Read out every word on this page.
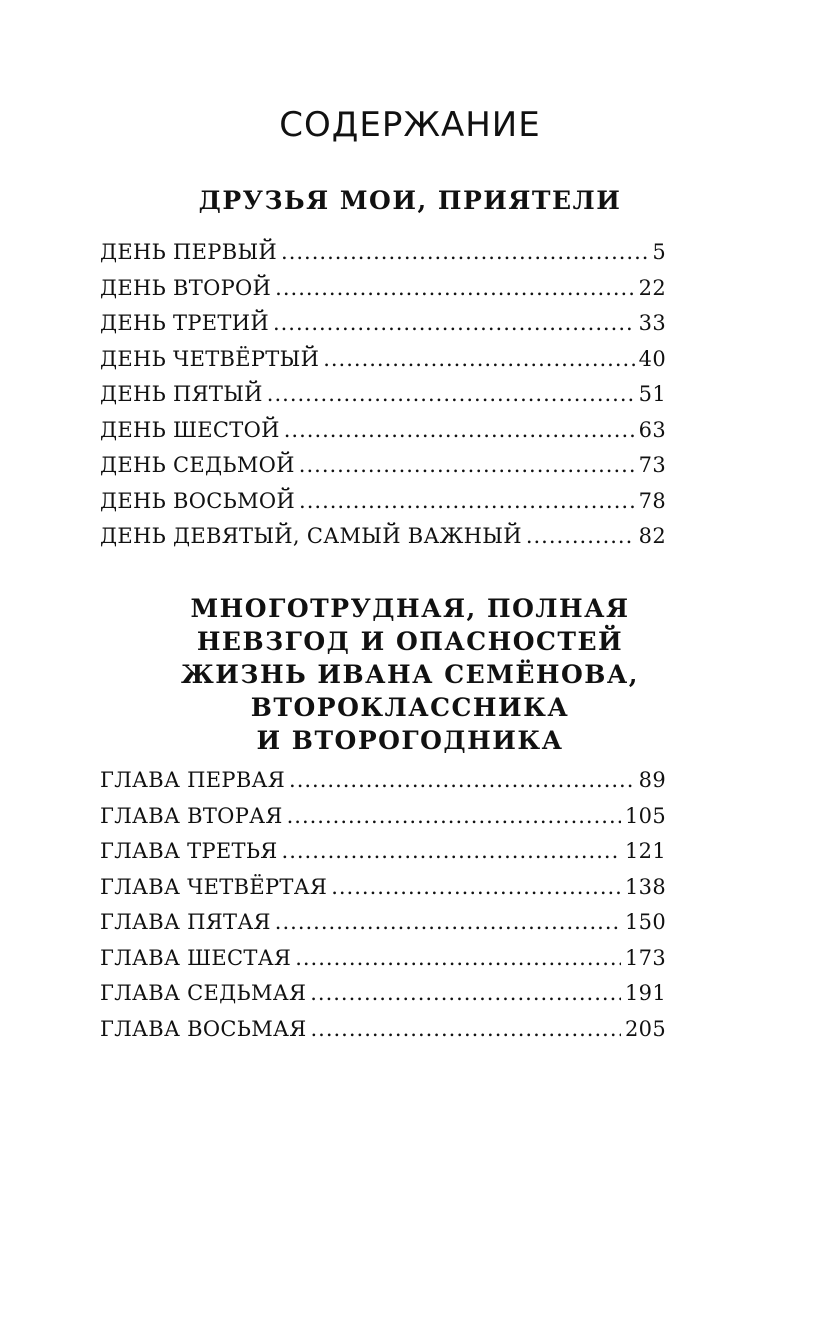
СОДЕРЖАНИЕ
ДРУЗЬЯ МОИ, ПРИЯТЕЛИ
ДЕНЬ ПЕРВЫЙ .....	5
ДЕНЬ ВТОРОЙ .....	22
ДЕНЬ ТРЕТИЙ .....	33
ДЕНЬ ЧЕТВЁРТЫЙ .....	40
ДЕНЬ ПЯТЫЙ .....	51
ДЕНЬ ШЕСТОЙ .....	63
ДЕНЬ СЕДЬМОЙ .....	73
ДЕНЬ ВОСЬМОЙ .....	78
ДЕНЬ ДЕВЯТЫЙ, САМЫЙ ВАЖНЫЙ .....	82
МНОГОТРУДНАЯ, ПОЛНАЯ
НЕВЗГОД И ОПАСНОСТЕЙ
ЖИЗНЬ ИВАНА СЕМЁНОВА,
ВТОРОКЛАССНИКА
И ВТОРОГОДНИКА
ГЛАВА ПЕРВАЯ .....	89
ГЛАВА ВТОРАЯ .....	105
ГЛАВА ТРЕТЬЯ .....	121
ГЛАВА ЧЕТВЁРТАЯ .....	138
ГЛАВА ПЯТАЯ .....	150
ГЛАВА ШЕСТАЯ .....	173
ГЛАВА СЕДЬМАЯ .....	191
ГЛАВА ВОСЬМАЯ .....	205
